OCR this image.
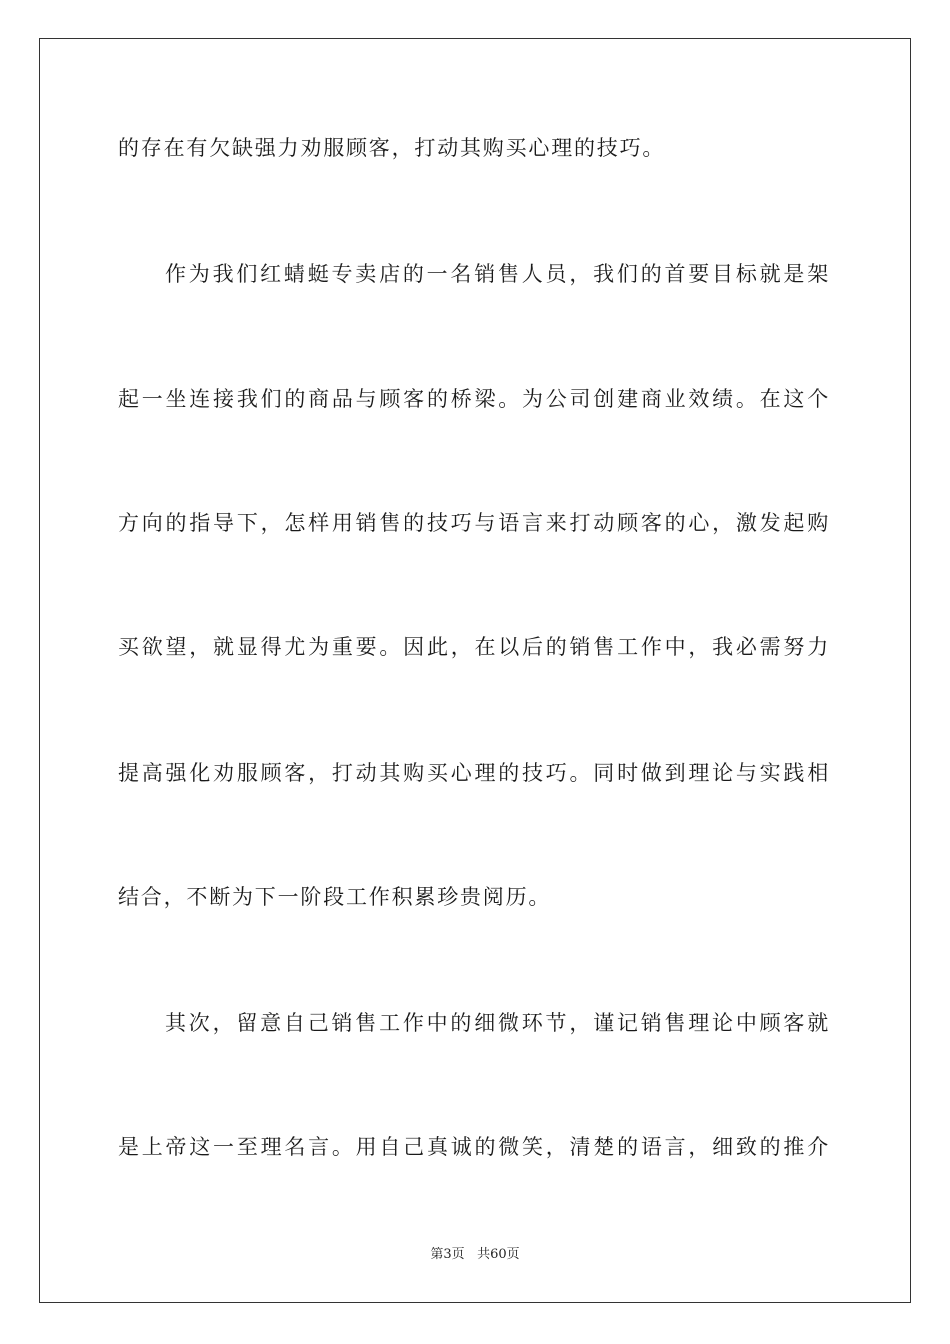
的存在有欠缺强力劝服顾客，打动其购买心理的技巧。
作为我们红蜻蜓专卖店的一名销售人员，我们的首要目标就是架
起一坐连接我们的商品与顾客的桥梁。为公司创建商业效绩。在这个
方向的指导下，怎样用销售的技巧与语言来打动顾客的心，激发起购
买欲望，就显得尤为重要。因此，在以后的销售工作中，我必需努力
提高强化劝服顾客，打动其购买心理的技巧。同时做到理论与实践相
结合，不断为下一阶段工作积累珍贵阅历。
其次，留意自己销售工作中的细微环节，谨记销售理论中顾客就
是上帝这一至理名言。用自己真诚的微笑，清楚的语言，细致的推介
第3页 共60页
